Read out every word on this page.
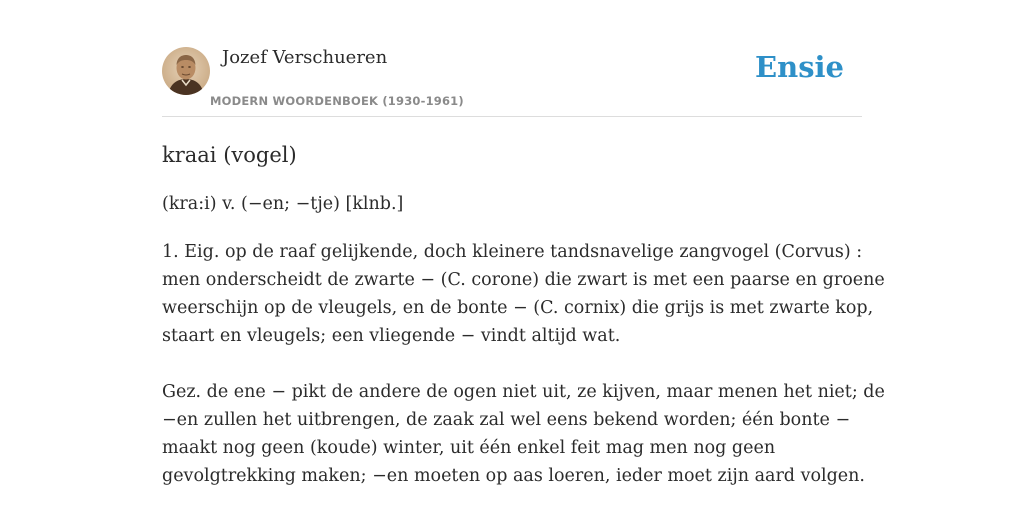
Jozef Verschueren
MODERN WOORDENBOEK (1930-1961)
Ensie
kraai (vogel)

(kra:i) v. (−en; −tje) [klnb.]

1. Eig. op de raaf gelijkende, doch kleinere tandsnavelige zangvogel (Corvus) :
men onderscheidt de zwarte − (C. corone) die zwart is met een paarse en groene
weerschijn op de vleugels, en de bonte − (C. cornix) die grijs is met zwarte kop,
staart en vleugels; een vliegende − vindt altijd wat.
Gez. de ene − pikt de andere de ogen niet uit, ze kijven, maar menen het niet; de
−en zullen het uitbrengen, de zaak zal wel eens bekend worden; één bonte −
maakt nog geen (koude) winter, uit één enkel feit mag men nog geen
gevolgtrekking maken; −en moeten op aas loeren, ieder moet zijn aard volgen.
